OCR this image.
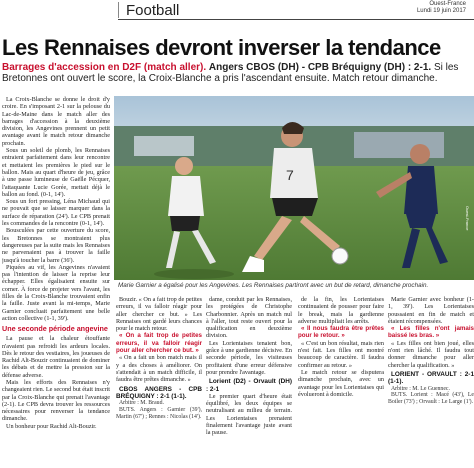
Football	Ouest-France
Lundi 19 juin 2017
Les Rennaises devront inverser la tendance
Barrages d'accession en D2F (match aller). Angers CBOS (DH) - CPB Bréquigny (DH) : 2-1. Si les Bretonnes ont ouvert le score, la Croix-Blanche a pris l'ascendant ensuite. Match retour dimanche.

La Croix-Blanche se donne le droit d'y croire. En s'imposant 2-1 sur la pelouse du Lac-de-Maine dans le match aller des barrages d'accession à la deuxième division, les Angevines prennent un petit avantage avant le match retour dimanche prochain.

Sous un soleil de plomb, les Rennaises entraient parfaitement dans leur rencontre et mettaient les premières le pied sur le ballon. Mais au quart d'heure de jeu, grâce à une passe lumineuse de Gaëlle Pécquer, l'attaquante Lucie Gorée, mettait déjà le ballon au fond. (0-1, 14').

Sous un fort pressing, Léna Michaud qui ne pouvait que se laisser marquer dans la surface de réparation (24'). Le CPB prenait les commandes de la rencontre (0-1, 14').

Bousculées par cette ouverture du score, les Bretonnes se montraient plus dangereuses par la suite mais les Rennaises ne parvenaient pas à trouver la faille jusqu'à toucher la barre (36').

Piquées au vif, les Angevines n'avaient pas l'intention de laisser la reprise leur échapper. Elles égalisaient ensuite sur corner. À force de projeter vers l'avant, les filles de la Croix-Blanche trouvaient enfin la faille. Juste avant la mi-temps, Marie Garnier concluait parfaitement une belle action collective (1-1, 39').

Une seconde période angevine

La pause et la chaleur étouffante n'avaient pas refroidi les ardeurs locales. Dès le retour des vestiaires, les joueuses de Rachid Alt-Bouzir continuaient de dominer les débats et de mettre la pression sur la défense adverse.

Mais les efforts des Rennaises n'y changeaient rien. Le second but était inscrit par la Croix-Blanche qui prenait l'avantage (2-1). Le CPB devra trouver les ressources nécessaires pour renverser la tendance dimanche.

Un bonheur pour Rachid Alt-Bouzir.

7
Ouest-France
Marie Garnier a égalisé pour les Angevines. Les Rennaises partiront avec un but de retard, dimanche prochain.

Bouzir. « On a fait trop de petites erreurs, il va falloir réagir pour aller chercher ce but. » Les Rennaises ont gardé leurs chances pour le match retour.

« On a fait trop de petites erreurs, il va falloir réagir pour aller chercher ce but. »

« On a fait un bon match mais il y a des choses à améliorer. On s'attendait à un match difficile, il faudra être prêtes dimanche. »

CBOS ANGERS - CPB BRÉQUIGNY : 2-1 (1-1).

Arbitre : M. Braud.

BUTS. Angers : Garnier (39'), Martin (67') ; Rennes : Nicolas (14').

dame, conduit par les Rennaises, les protégées de Christophe Charbonnier. Après un match nul à l'aller, tout reste ouvert pour la qualification en deuxième division.

Les Lorientaises tenaient bon, grâce à une gardienne décisive. En seconde période, les visiteuses profitaient d'une erreur défensive pour prendre l'avantage.

Lorient (D2) - Orvault (DH) : 2-1

Le premier quart d'heure était équilibré, les deux équipes se neutralisant au milieu de terrain. Les Lorientaises prenaient finalement l'avantage juste avant la pause.

de la fin, les Lorientaises continuaient de pousser pour faire le break, mais la gardienne adverse multipliait les arrêts.

« Il nous faudra être prêtes pour le retour. »

« C'est un bon résultat, mais rien n'est fait. Les filles ont montré beaucoup de caractère. Il faudra confirmer au retour. »

Le match retour se disputera dimanche prochain, avec un avantage pour les Lorientaises qui évolueront à domicile.

Marie Garnier avec bonheur (1-1, 39'). Les Lorientaises poussaient en fin de match et étaient récompensées.

« Les filles n'ont jamais baissé les bras. »

« Les filles ont bien joué, elles n'ont rien lâché. Il faudra tout donner dimanche pour aller chercher la qualification. »

LORIENT - ORVAULT : 2-1 (1-1).

Arbitre : M. Le Guennec.

BUTS. Lorient : Macé (43'), Le Boiler (73') ; Orvault : Le Large (1').
